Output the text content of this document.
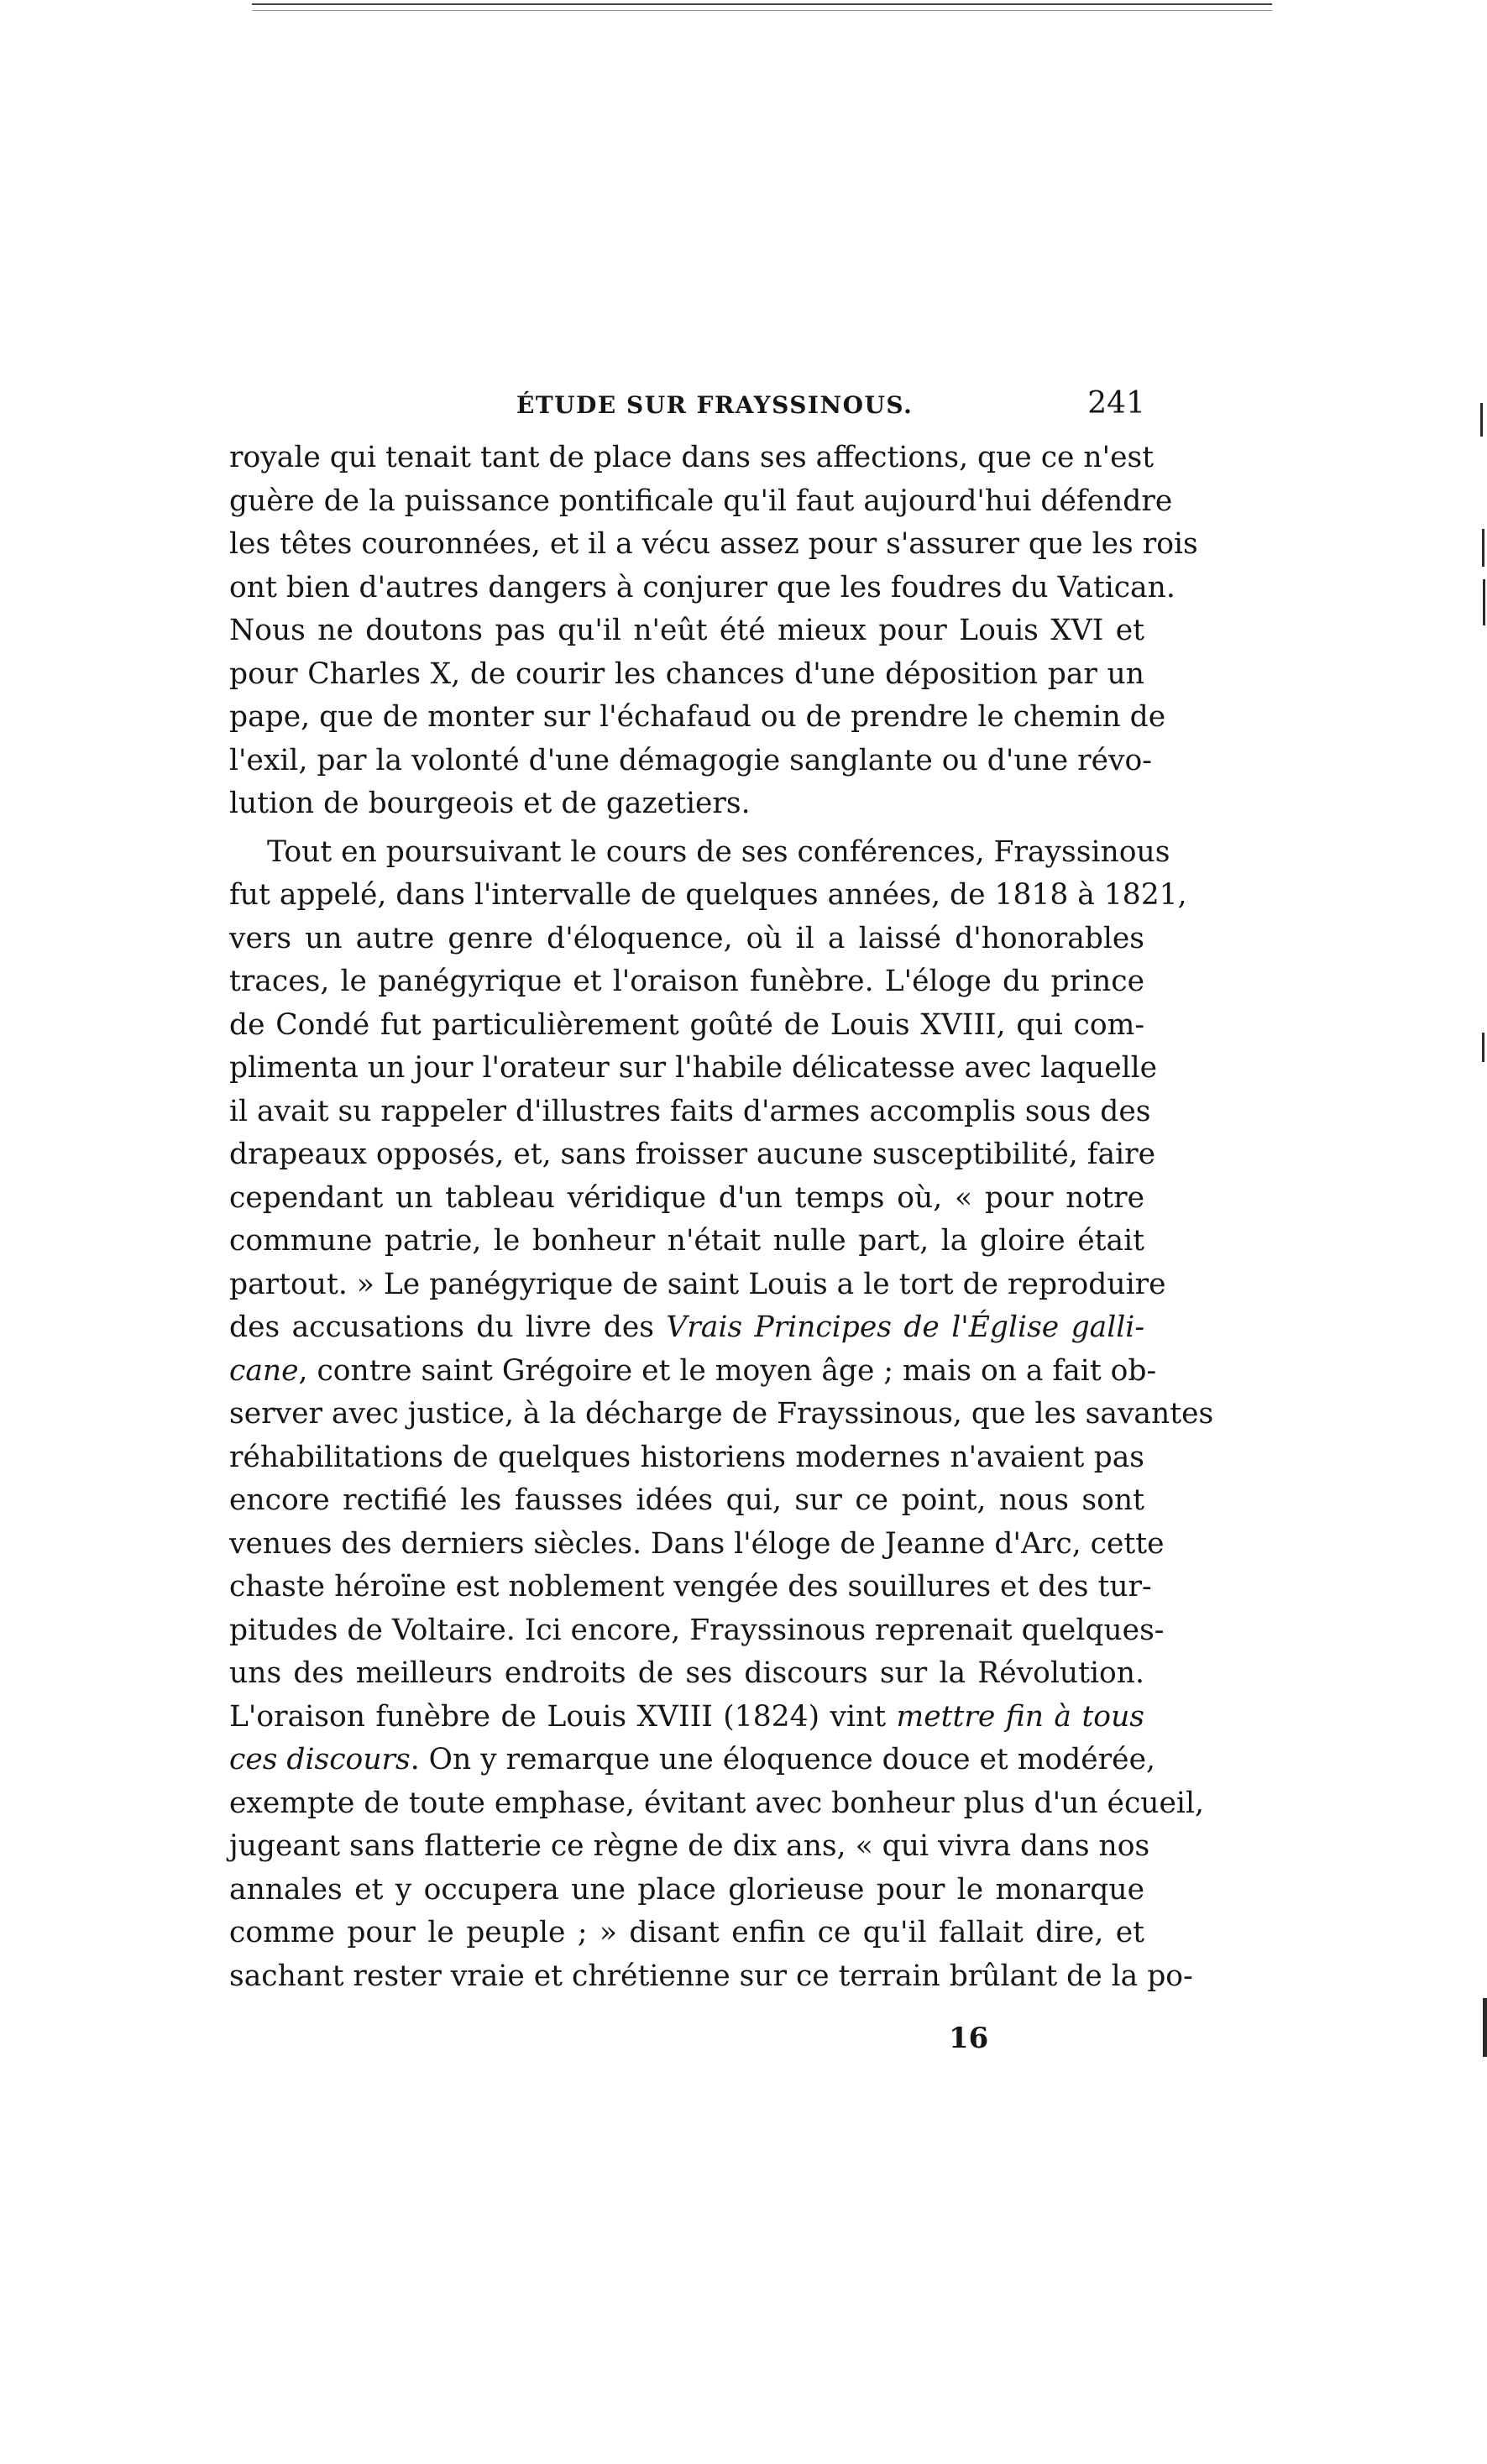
ÉTUDE SUR FRAYSSINOUS.	241
royale qui tenait tant de place dans ses affections, que ce n'est
guère de la puissance pontificale qu'il faut aujourd'hui défendre
les têtes couronnées, et il a vécu assez pour s'assurer que les rois
ont bien d'autres dangers à conjurer que les foudres du Vatican.
Nous ne doutons pas qu'il n'eût été mieux pour Louis XVI et
pour Charles X, de courir les chances d'une déposition par un
pape, que de monter sur l'échafaud ou de prendre le chemin de
l'exil, par la volonté d'une démagogie sanglante ou d'une révo-
lution de bourgeois et de gazetiers.
Tout en poursuivant le cours de ses conférences, Frayssinous
fut appelé, dans l'intervalle de quelques années, de 1818 à 1821,
vers un autre genre d'éloquence, où il a laissé d'honorables
traces, le panégyrique et l'oraison funèbre. L'éloge du prince
de Condé fut particulièrement goûté de Louis XVIII, qui com-
plimenta un jour l'orateur sur l'habile délicatesse avec laquelle
il avait su rappeler d'illustres faits d'armes accomplis sous des
drapeaux opposés, et, sans froisser aucune susceptibilité, faire
cependant un tableau véridique d'un temps où, « pour notre
commune patrie, le bonheur n'était nulle part, la gloire était
partout. » Le panégyrique de saint Louis a le tort de reproduire
des accusations du livre des Vrais Principes de l'Église galli-
cane, contre saint Grégoire et le moyen âge ; mais on a fait ob-
server avec justice, à la décharge de Frayssinous, que les savantes
réhabilitations de quelques historiens modernes n'avaient pas
encore rectifié les fausses idées qui, sur ce point, nous sont
venues des derniers siècles. Dans l'éloge de Jeanne d'Arc, cette
chaste héroïne est noblement vengée des souillures et des tur-
pitudes de Voltaire. Ici encore, Frayssinous reprenait quelques-
uns des meilleurs endroits de ses discours sur la Révolution.
L'oraison funèbre de Louis XVIII (1824) vint mettre fin à tous
ces discours. On y remarque une éloquence douce et modérée,
exempte de toute emphase, évitant avec bonheur plus d'un écueil,
jugeant sans flatterie ce règne de dix ans, « qui vivra dans nos
annales et y occupera une place glorieuse pour le monarque
comme pour le peuple ; » disant enfin ce qu'il fallait dire, et
sachant rester vraie et chrétienne sur ce terrain brûlant de la po-
16
